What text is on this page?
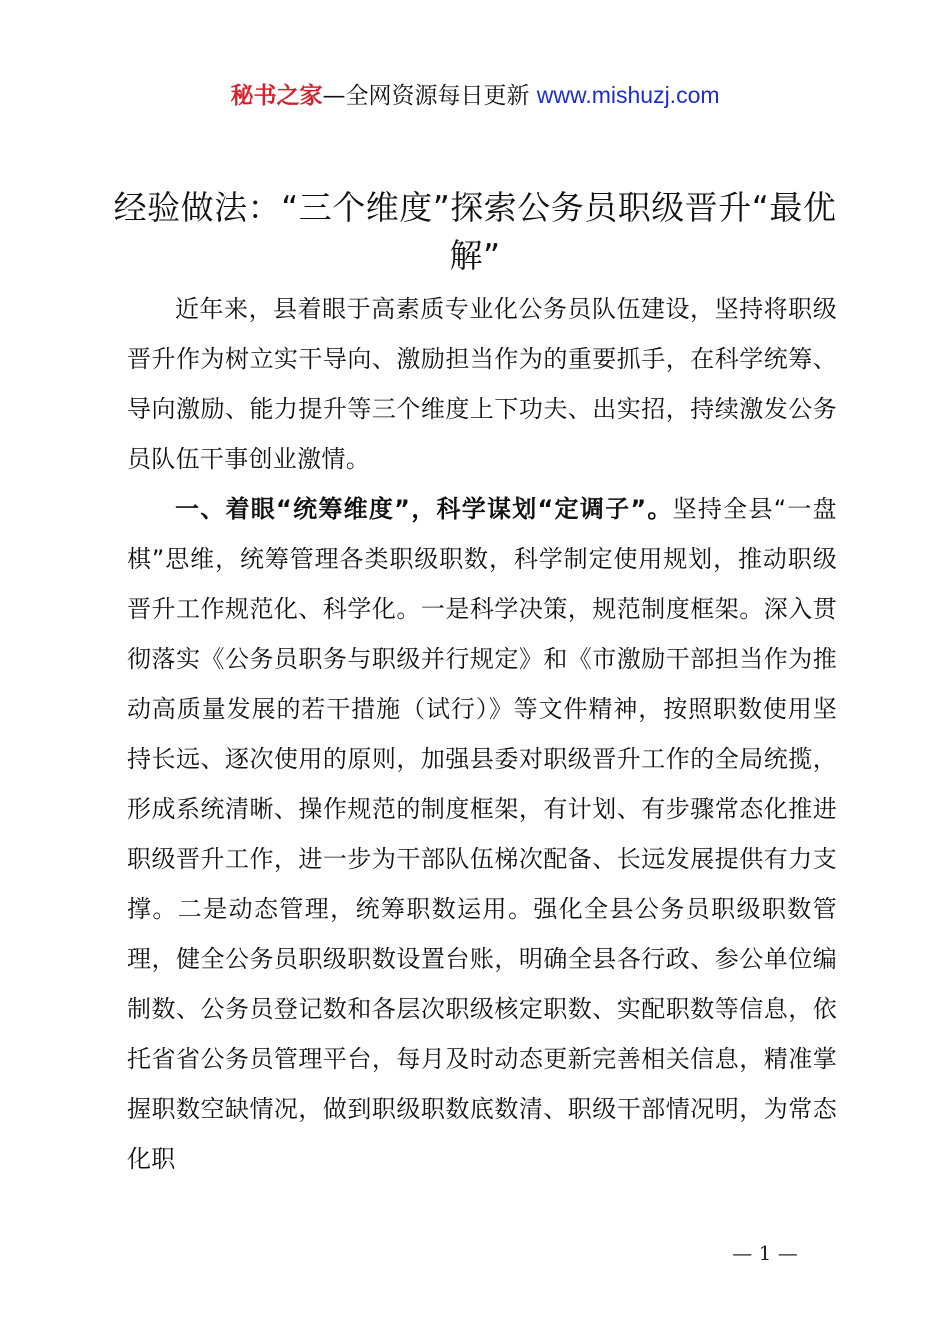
秘书之家—全网资源每日更新 www.mishuzj.com
经验做法：“三个维度”探索公务员职级晋升“最优解”

近年来，县着眼于高素质专业化公务员队伍建设，坚持将职级晋升作为树立实干导向、激励担当作为的重要抓手，在科学统筹、导向激励、能力提升等三个维度上下功夫、出实招，持续激发公务员队伍干事创业激情。

一、着眼“统筹维度”，科学谋划“定调子”。坚持全县“一盘棋”思维，统筹管理各类职级职数，科学制定使用规划，推动职级晋升工作规范化、科学化。一是科学决策，规范制度框架。深入贯彻落实《公务员职务与职级并行规定》和《市激励干部担当作为推动高质量发展的若干措施（试行）》等文件精神，按照职数使用坚持长远、逐次使用的原则，加强县委对职级晋升工作的全局统揽，形成系统清晰、操作规范的制度框架，有计划、有步骤常态化推进职级晋升工作，进一步为干部队伍梯次配备、长远发展提供有力支撑。二是动态管理，统筹职数运用。强化全县公务员职级职数管理，健全公务员职级职数设置台账，明确全县各行政、参公单位编制数、公务员登记数和各层次职级核定职数、实配职数等信息，依托省省公务员管理平台，每月及时动态更新完善相关信息，精准掌握职数空缺情况，做到职级职数底数清、职级干部情况明，为常态化职

— 1 —
